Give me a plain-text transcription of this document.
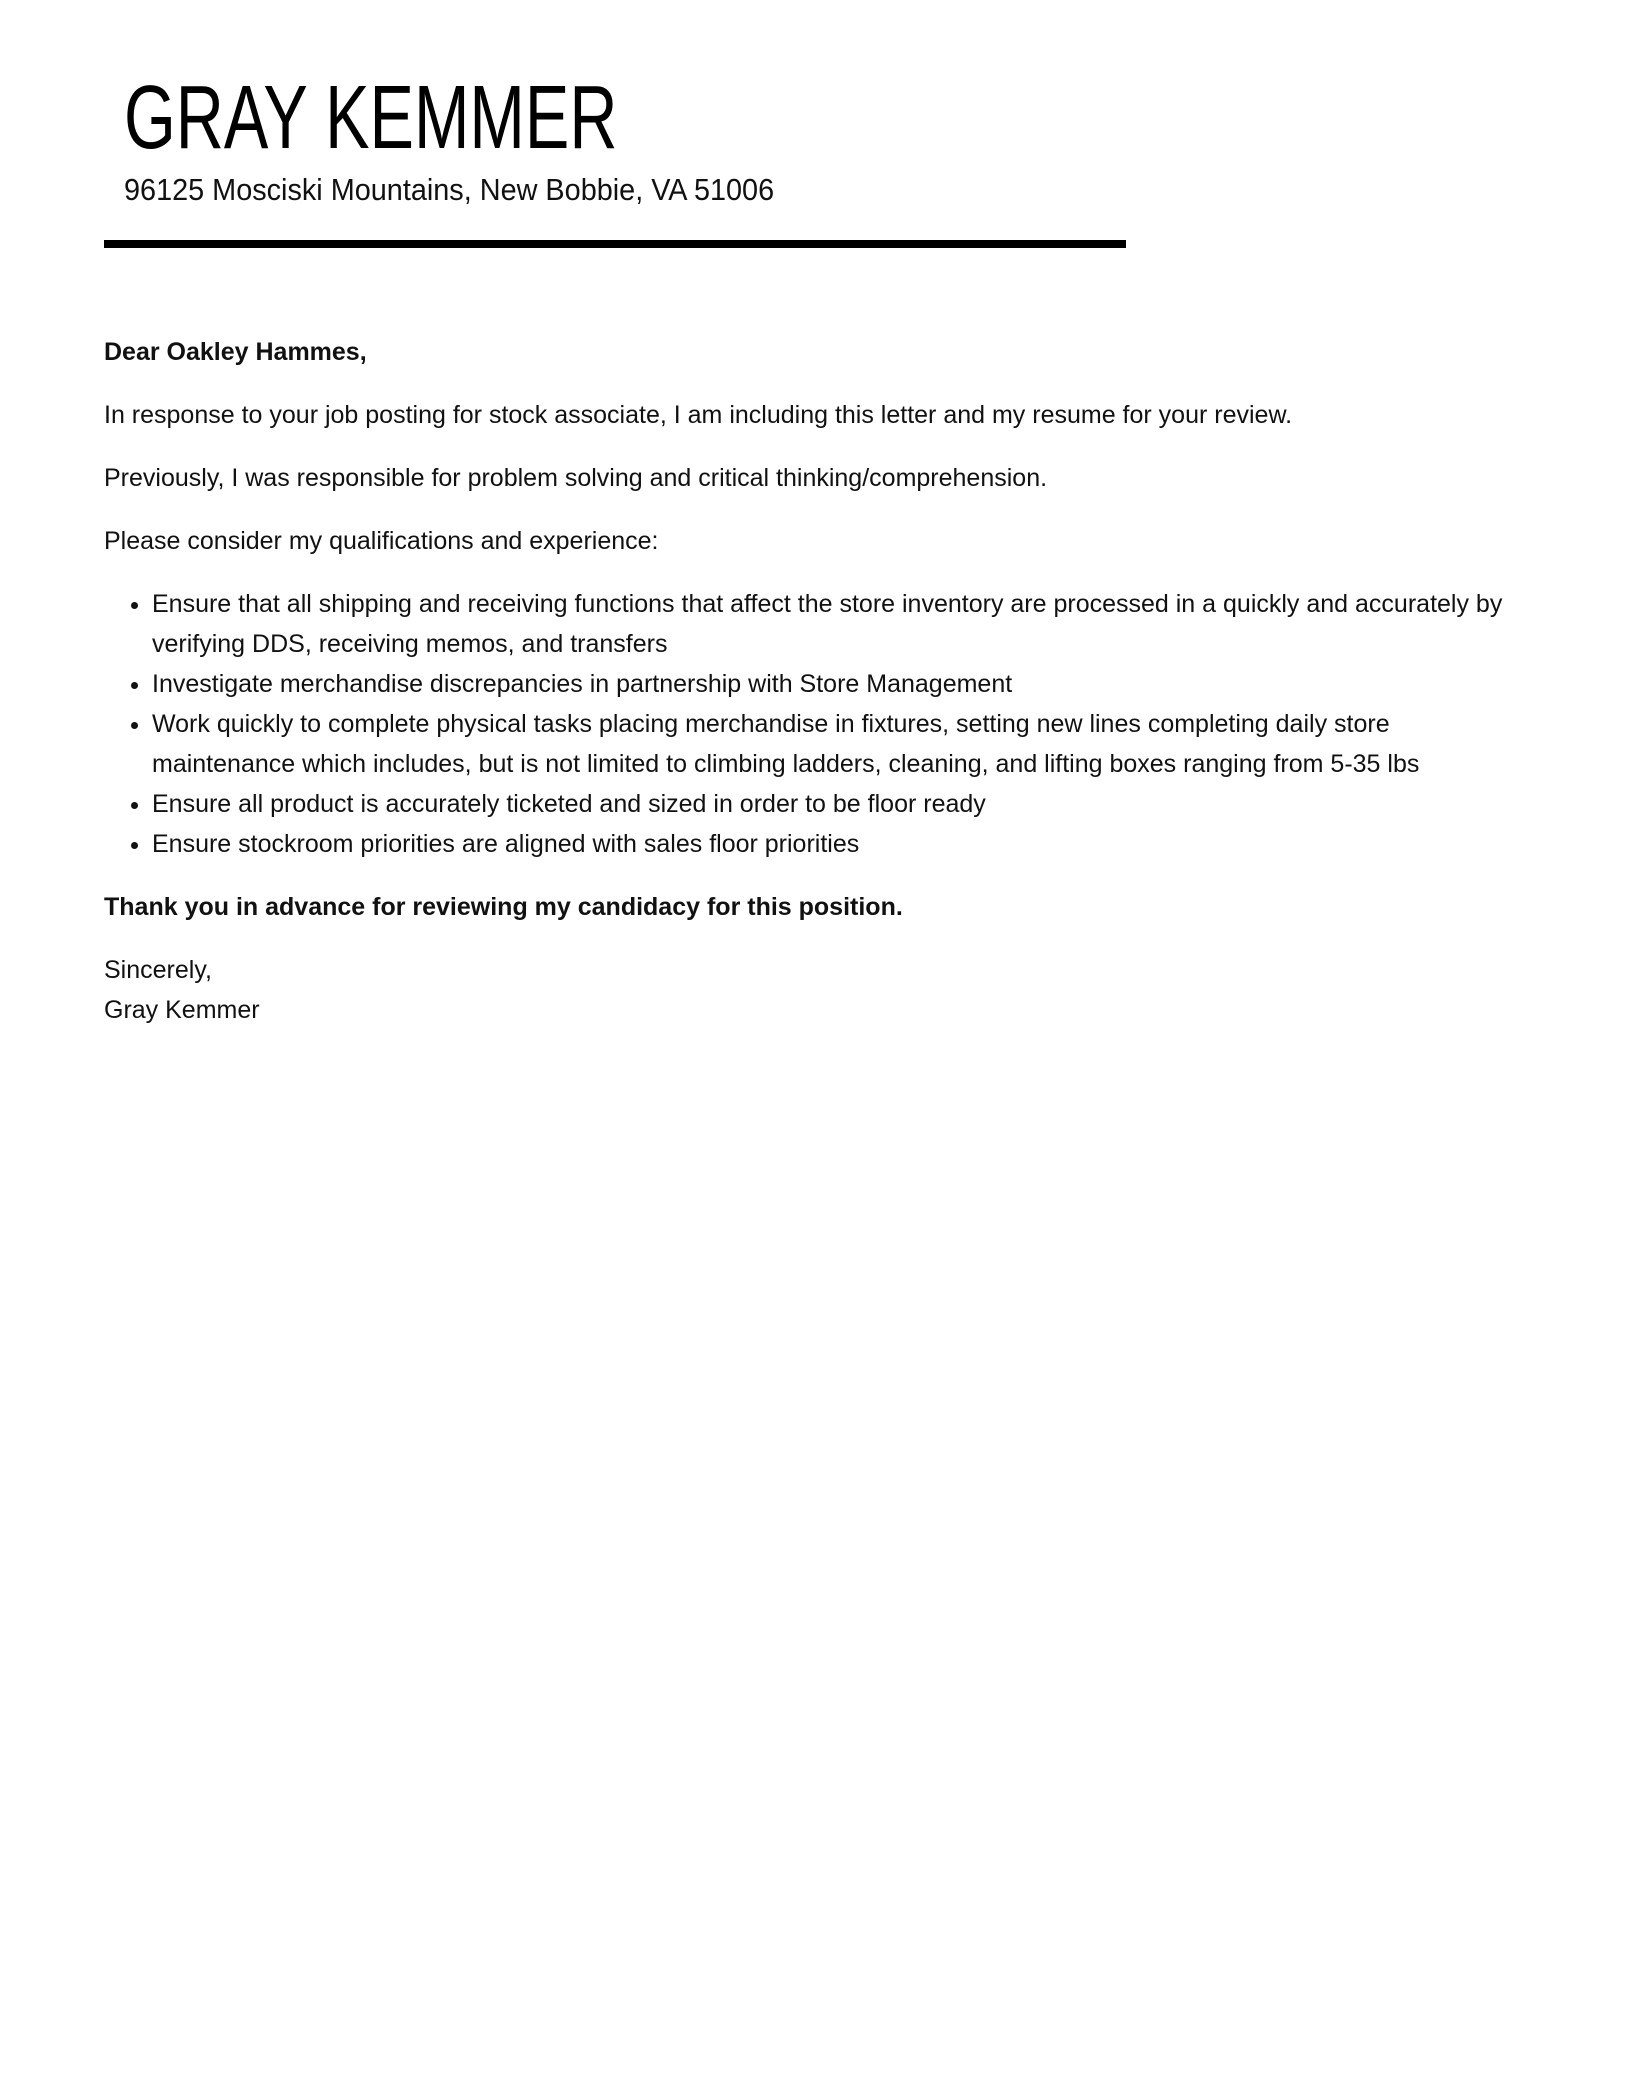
GRAY KEMMER
96125 Mosciski Mountains, New Bobbie, VA 51006

Dear Oakley Hammes,

In response to your job posting for stock associate, I am including this letter and my resume for your review.

Previously, I was responsible for problem solving and critical thinking/comprehension.

Please consider my qualifications and experience:

• Ensure that all shipping and receiving functions that affect the store inventory are processed in a quickly and accurately by verifying DDS, receiving memos, and transfers
• Investigate merchandise discrepancies in partnership with Store Management
• Work quickly to complete physical tasks placing merchandise in fixtures, setting new lines completing daily store maintenance which includes, but is not limited to climbing ladders, cleaning, and lifting boxes ranging from 5-35 lbs
• Ensure all product is accurately ticketed and sized in order to be floor ready
• Ensure stockroom priorities are aligned with sales floor priorities

Thank you in advance for reviewing my candidacy for this position.

Sincerely,

Gray Kemmer
